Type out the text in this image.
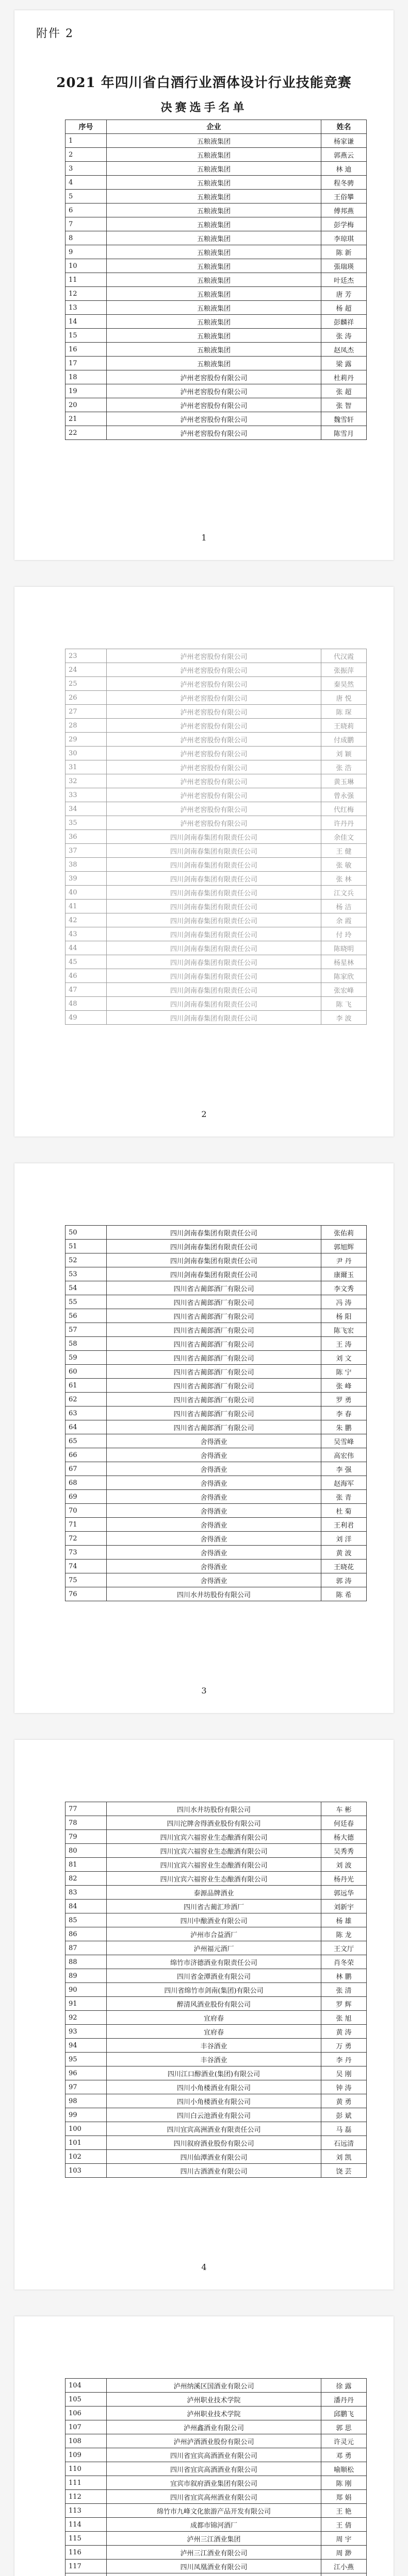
附件 2
2021 年四川省白酒行业酒体设计行业技能竞赛
决赛选手名单
序号	企业	姓名
1	五粮液集团	杨家谦
2	五粮液集团	郭燕云
3	五粮液集团	林 迪
4	五粮液集团	程冬骋
5	五粮液集团	王俗攀
6	五粮液集团	傅邦燕
7	五粮液集团	彭学梅
8	五粮液集团	李琼琪
9	五粮液集团	陈 新
10	五粮液集团	張瑞瑛
11	五粮液集团	叶廷杰
12	五粮液集团	唐 芳
13	五粮液集团	杨 超
14	五粮液集团	彭麟祥
15	五粮液集团	张 涛
16	五粮液集团	赵凤杰
17	五粮液集团	梁 露
18	泸州老窖股份有限公司	杜莉丹
19	泸州老窖股份有限公司	张 超
20	泸州老窖股份有限公司	张 智
21	泸州老窖股份有限公司	魏雪轩
22	泸州老窖股份有限公司	陈雪月
1
23	泸州老窖股份有限公司	代汉霞
24	泸州老窖股份有限公司	张振萍
25	泸州老窖股份有限公司	秦昊然
26	泸州老窖股份有限公司	唐 悦
27	泸州老窖股份有限公司	陈 琛
28	泸州老窖股份有限公司	王晓莉
29	泸州老窖股份有限公司	付成鹏
30	泸州老窖股份有限公司	刘 颖
31	泸州老窖股份有限公司	张 浩
32	泸州老窖股份有限公司	黄玉琳
33	泸州老窖股份有限公司	曾永强
34	泸州老窖股份有限公司	代红梅
35	泸州老窖股份有限公司	许丹丹
36	四川剑南春集团有限责任公司	余佳文
37	四川剑南春集团有限责任公司	王 健
38	四川剑南春集团有限责任公司	张 敏
39	四川剑南春集团有限责任公司	张 林
40	四川剑南春集团有限责任公司	江文兵
41	四川剑南春集团有限责任公司	杨 洁
42	四川剑南春集团有限责任公司	余 霞
43	四川剑南春集团有限责任公司	付 玲
44	四川剑南春集团有限责任公司	陈晓明
45	四川剑南春集团有限责任公司	杨星林
46	四川剑南春集团有限责任公司	陈家欣
47	四川剑南春集团有限责任公司	张宏峰
48	四川剑南春集团有限责任公司	陈 飞
49	四川剑南春集团有限责任公司	李 波
2
50	四川剑南春集团有限责任公司	张佑莉
51	四川剑南春集团有限责任公司	郭旭辉
52	四川剑南春集团有限责任公司	尹 丹
53	四川剑南春集团有限责任公司	康爾玉
54	四川省古蔺郎酒厂有限公司	李文秀
55	四川省古蔺郎酒厂有限公司	冯 涛
56	四川省古蔺郎酒厂有限公司	杨 阳
57	四川省古蔺郎酒厂有限公司	陈飞宏
58	四川省古蔺郎酒厂有限公司	王 涛
59	四川省古蔺郎酒厂有限公司	刘 文
60	四川省古蔺郎酒厂有限公司	陈 宁
61	四川省古蔺郎酒厂有限公司	张 峰
62	四川省古蔺郎酒厂有限公司	罗 勇
63	四川省古蔺郎酒厂有限公司	李 春
64	四川省古蔺郎酒厂有限公司	朱 鹏
65	舍得酒业	吴雪峰
66	舍得酒业	高宏伟
67	舍得酒业	李 强
68	舍得酒业	赵海军
69	舍得酒业	张 青
70	舍得酒业	杜 菊
71	舍得酒业	王利君
72	舍得酒业	刘 洋
73	舍得酒业	黄 波
74	舍得酒业	王晓花
75	舍得酒业	郭 涛
76	四川水井坊股份有限公司	陈 希
3
77	四川水井坊股份有限公司	车 彬
78	四川沱牌舍得酒业股份有限公司	何廷春
79	四川宜宾六福窖业生态酿酒有限公司	杨大德
80	四川宜宾六福窖业生态酿酒有限公司	吴秀秀
81	四川宜宾六福窖业生态酿酒有限公司	刘 波
82	四川宜宾六福窖业生态酿酒有限公司	杨丹光
83	泰源品牌酒业	郭远华
84	四川省古蔺汇珍酒厂	刘新宇
85	四川中酿酒业有限公司	杨 雄
86	泸州市合益酒厂	陈 龙
87	泸州福元酒厂	王文厅
88	绵竹市济德酒业有限责任公司	肖冬荣
89	四川省金潭酒业有限公司	林 鹏
90	四川省绵竹市剑南(集团)有限公司	张 清
91	醉清风酒业股份有限公司	罗 辉
92	宜府春	张 旭
93	宜府春	黄 涛
94	丰谷酒业	万 勇
95	丰谷酒业	李 丹
96	四川江口醇酒业(集团)有限公司	吴 刚
97	四川小角楼酒业有限公司	钟 涛
98	四川小角楼酒业有限公司	黄 勇
99	四川白云池酒业有限公司	彭 斌
100	四川宜宾高洲酒业有限责任公司	马 磊
101	四川叙府酒业股份有限公司	石远清
102	四川仙潭酒业有限公司	刘 凯
103	四川古酒酒业有限公司	饶 芸
4
104	泸州纳溪区国酒业有限公司	徐 露
105	泸州职业技术学院	潘丹丹
106	泸州职业技术学院	邱鹏飞
107	泸州鑫酒业有限公司	郭 思
108	泸州泸酒酒业股份有限公司	许灵元
109	四川省宜宾高酒酒业有限公司	邓 勇
110	四川省宜宾高酒酒业有限公司	喻顺松
111	宜宾市叙府酒业集团有限公司	陈 刚
112	四川省宜宾高州酒业有限公司	郑 娟
113	绵竹市九峰文化旅游产品开发有限公司	王 艳
114	成都市锦河酒厂	王 倩
115	泸州三江酒业集团	周 宇
116	泸州三江酒业有限公司	周 渺
117	四川凤凰酒业有限公司	江小燕
